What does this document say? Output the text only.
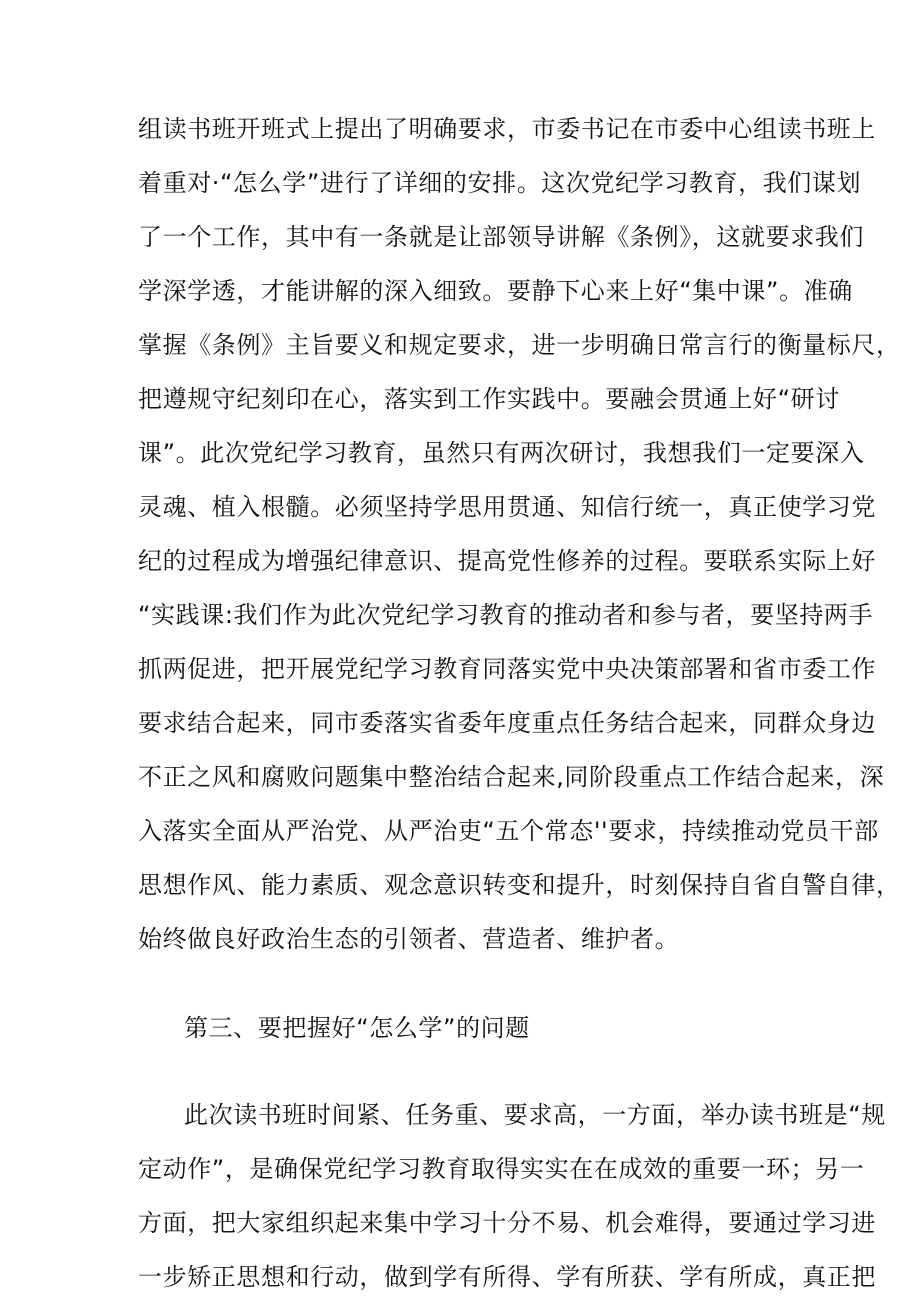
组读书班开班式上提出了明确要求，市委书记在市委中心组读书班上
着重对·“怎么学”进行了详细的安排。这次党纪学习教育，我们谋划
了一个工作，其中有一条就是让部领导讲解《条例》，这就要求我们
学深学透，才能讲解的深入细致。要静下心来上好“集中课”。准确
掌握《条例》主旨要义和规定要求，进一步明确日常言行的衡量标尺，
把遵规守纪刻印在心，落实到工作实践中。要融会贯通上好“研讨
课”。此次党纪学习教育，虽然只有两次研讨，我想我们一定要深入
灵魂、植入根髓。必须坚持学思用贯通、知信行统一，真正使学习党
纪的过程成为增强纪律意识、提高党性修养的过程。要联系实际上好
“实践课:我们作为此次党纪学习教育的推动者和参与者，要坚持两手
抓两促进，把开展党纪学习教育同落实党中央决策部署和省市委工作
要求结合起来，同市委落实省委年度重点任务结合起来，同群众身边
不正之风和腐败问题集中整治结合起来,同阶段重点工作结合起来，深
入落实全面从严治党、从严治吏“五个常态''要求，持续推动党员干部
思想作风、能力素质、观念意识转变和提升，时刻保持自省自警自律，
始终做良好政治生态的引领者、营造者、维护者。
第三、要把握好“怎么学”的问题
此次读书班时间紧、任务重、要求高，一方面，举办读书班是“规
定动作”，是确保党纪学习教育取得实实在在成效的重要一环；另一
方面，把大家组织起来集中学习十分不易、机会难得，要通过学习进
一步矫正思想和行动，做到学有所得、学有所获、学有所成，真正把
